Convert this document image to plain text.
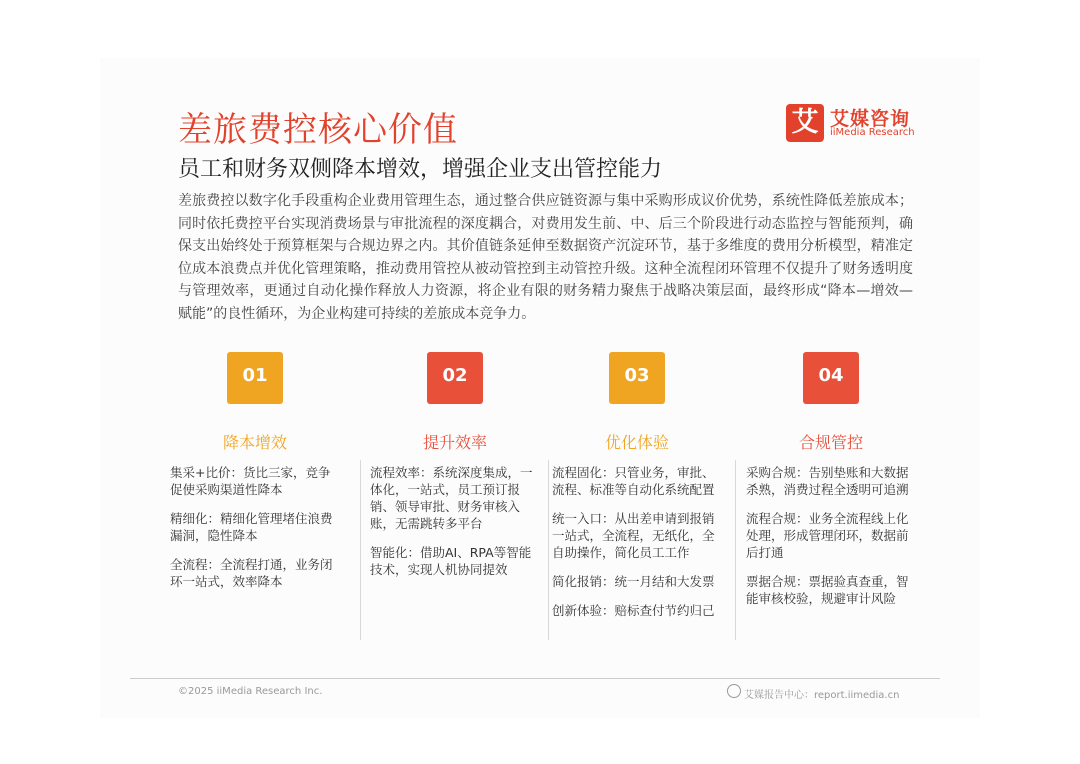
差旅费控核心价值	艾 艾媒咨询
iiMedia Research
员工和财务双侧降本增效，增强企业支出管控能力
差旅费控以数字化手段重构企业费用管理生态，通过整合供应链资源与集中采购形成议价优势，系统性降低差旅成本；同时依托费控平台实现消费场景与审批流程的深度耦合，对费用发生前、中、后三个阶段进行动态监控与智能预判，确保支出始终处于预算框架与合规边界之内。其价值链条延伸至数据资产沉淀环节，基于多维度的费用分析模型，精准定位成本浪费点并优化管理策略，推动费用管控从被动管控到主动管控升级。这种全流程闭环管理不仅提升了财务透明度与管理效率，更通过自动化操作释放人力资源，将企业有限的财务精力聚焦于战略决策层面，最终形成“降本—增效—赋能”的良性循环，为企业构建可持续的差旅成本竞争力。
01
降本增效
集采+比价：货比三家，竞争促使采购渠道性降本
精细化：精细化管理堵住浪费漏洞，隐性降本
全流程：全流程打通，业务闭环一站式，效率降本
02
提升效率
流程效率：系统深度集成，一体化，一站式，员工预订报销、领导审批、财务审核入账，无需跳转多平台
智能化：借助AI、RPA等智能技术，实现人机协同提效
03
优化体验
流程固化：只管业务，审批、流程、标准等自动化系统配置
统一入口：从出差申请到报销一站式，全流程，无纸化，全自助操作，简化员工工作
简化报销：统一月结和大发票
创新体验：赔标查付节约归己
04
合规管控
采购合规：告别垫账和大数据杀熟，消费过程全透明可追溯
流程合规：业务全流程线上化处理，形成管理闭环，数据前后打通
票据合规：票据验真查重，智能审核校验，规避审计风险
©2025 iiMedia Research Inc.	艾媒报告中心：report.iimedia.cn
